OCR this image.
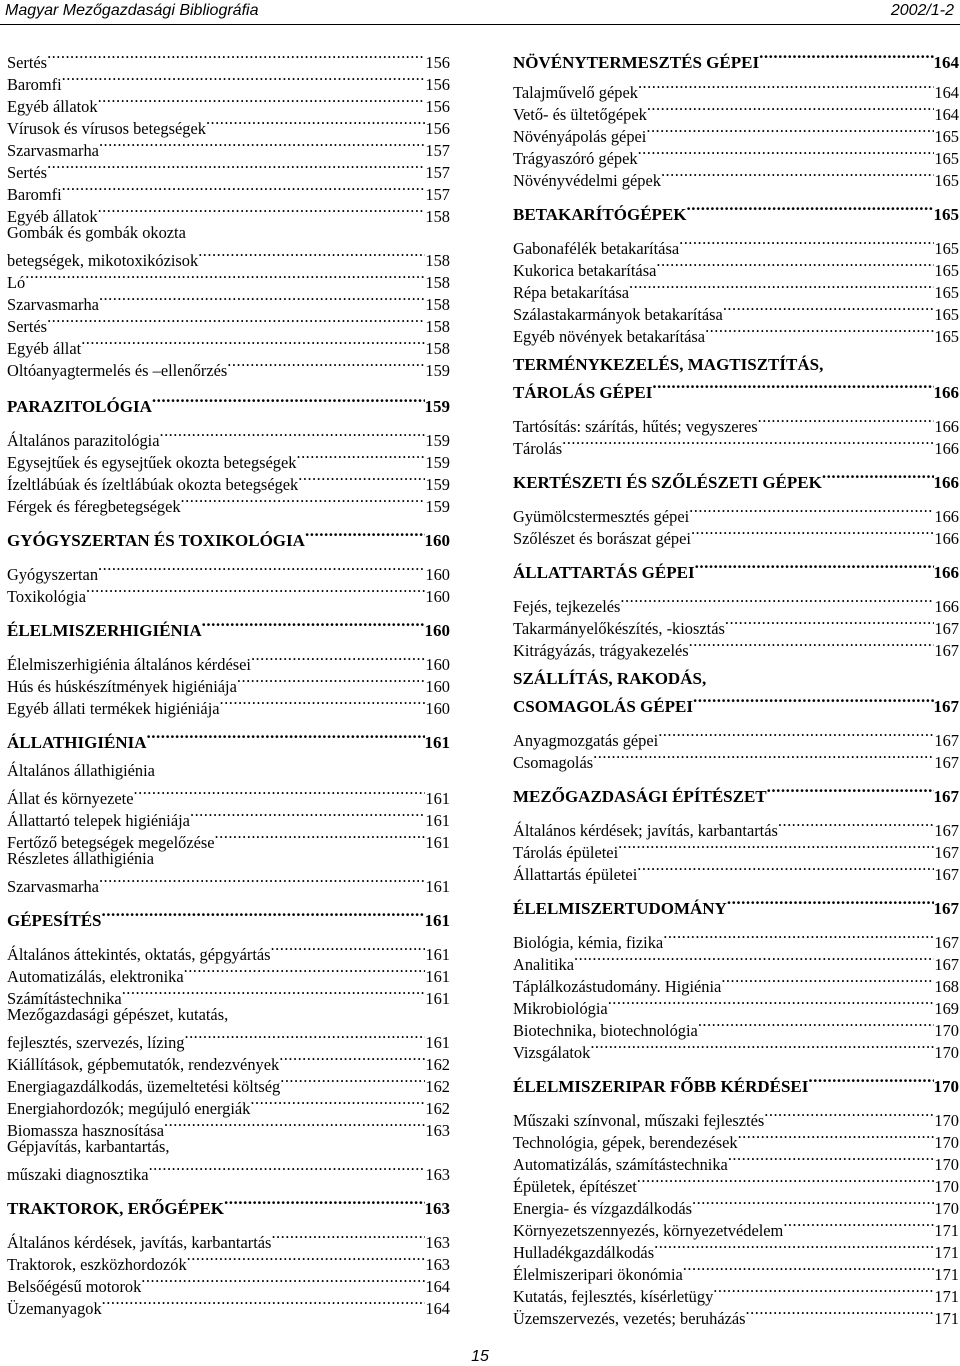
Magyar Mezőgazdasági Bibliográfia	2002/1-2
Sertés .....	156
Baromfi .....	156
Egyéb állatok .....	156
Vírusok és vírusos betegségek .....	156
Szarvasmarha .....	157
Sertés .....	157
Baromfi .....	157
Egyéb állatok .....	158
Gombák és gombák okozta
betegségek, mikotoxikózisok .....	158
Ló .....	158
Szarvasmarha .....	158
Sertés .....	158
Egyéb állat .....	158
Oltóanyagtermelés és –ellenőrzés .....	159
PARAZITOLÓGIA .....	159
Általános parazitológia .....	159
Egysejtűek és egysejtűek okozta betegségek .....	159
Ízeltlábúak és ízeltlábúak okozta betegségek .....	159
Férgek és féregbetegségek .....	159
GYÓGYSZERTAN ÉS TOXIKOLÓGIA .....	160
Gyógyszertan .....	160
Toxikológia .....	160
ÉLELMISZERHIGIÉNIA .....	160
Élelmiszerhigiénia általános kérdései .....	160
Hús és húskészítmények higiéniája .....	160
Egyéb állati termékek higiéniája .....	160
ÁLLATHIGIÉNIA .....	161
Általános állathigiénia
Állat és környezete .....	161
Állattartó telepek higiéniája .....	161
Fertőző betegségek megelőzése .....	161
Részletes állathigiénia
Szarvasmarha .....	161
GÉPESÍTÉS .....	161
Általános áttekintés, oktatás, gépgyártás .....	161
Automatizálás, elektronika .....	161
Számítástechnika .....	161
Mezőgazdasági gépészet, kutatás,
fejlesztés, szervezés, lízing .....	161
Kiállítások, gépbemutatók, rendezvények .....	162
Energiagazdálkodás, üzemeltetési költség .....	162
Energiahordozók; megújuló energiák .....	162
Biomassza hasznosítása .....	163
Gépjavítás, karbantartás,
műszaki diagnosztika .....	163
TRAKTOROK, ERŐGÉPEK .....	163
Általános kérdések, javítás, karbantartás .....	163
Traktorok, eszközhordozók .....	163
Belsőégésű motorok .....	164
Üzemanyagok .....	164
NÖVÉNYTERMESZTÉS GÉPEI .....	164
Talajművelő gépek .....	164
Vető- és ültetőgépek .....	164
Növényápolás gépei .....	165
Trágyaszóró gépek .....	165
Növényvédelmi gépek .....	165
BETAKARÍTÓGÉPEK .....	165
Gabonafélék betakarítása .....	165
Kukorica betakarítása .....	165
Répa betakarítása .....	165
Szálastakarmányok betakarítása .....	165
Egyéb növények betakarítása .....	165
TERMÉNYKEZELÉS, MAGTISZTÍTÁS,
TÁROLÁS GÉPEI .....	166
Tartósítás: szárítás, hűtés; vegyszeres .....	166
Tárolás .....	166
KERTÉSZETI ÉS SZŐLÉSZETI GÉPEK .....	166
Gyümölcstermesztés gépei .....	166
Szőlészet és borászat gépei .....	166
ÁLLATTARTÁS GÉPEI .....	166
Fejés, tejkezelés .....	166
Takarmányelőkészítés, -kiosztás .....	167
Kitrágyázás, trágyakezelés .....	167
SZÁLLÍTÁS, RAKODÁS,
CSOMAGOLÁS GÉPEI .....	167
Anyagmozgatás gépei .....	167
Csomagolás .....	167
MEZŐGAZDASÁGI ÉPÍTÉSZET .....	167
Általános kérdések; javítás, karbantartás .....	167
Tárolás épületei .....	167
Állattartás épületei .....	167
ÉLELMISZERTUDOMÁNY .....	167
Biológia, kémia, fizika .....	167
Analitika .....	167
Táplálkozástudomány. Higiénia .....	168
Mikrobiológia .....	169
Biotechnika, biotechnológia .....	170
Vizsgálatok .....	170
ÉLELMISZERIPAR FŐBB KÉRDÉSEI .....	170
Műszaki színvonal, műszaki fejlesztés .....	170
Technológia, gépek, berendezések .....	170
Automatizálás, számítástechnika .....	170
Épületek, építészet .....	170
Energia- és vízgazdálkodás .....	170
Környezetszennyezés, környezetvédelem .....	171
Hulladékgazdálkodás .....	171
Élelmiszeripari ökonómia .....	171
Kutatás, fejlesztés, kísérletügy .....	171
Üzemszervezés, vezetés; beruházás .....	171
15
